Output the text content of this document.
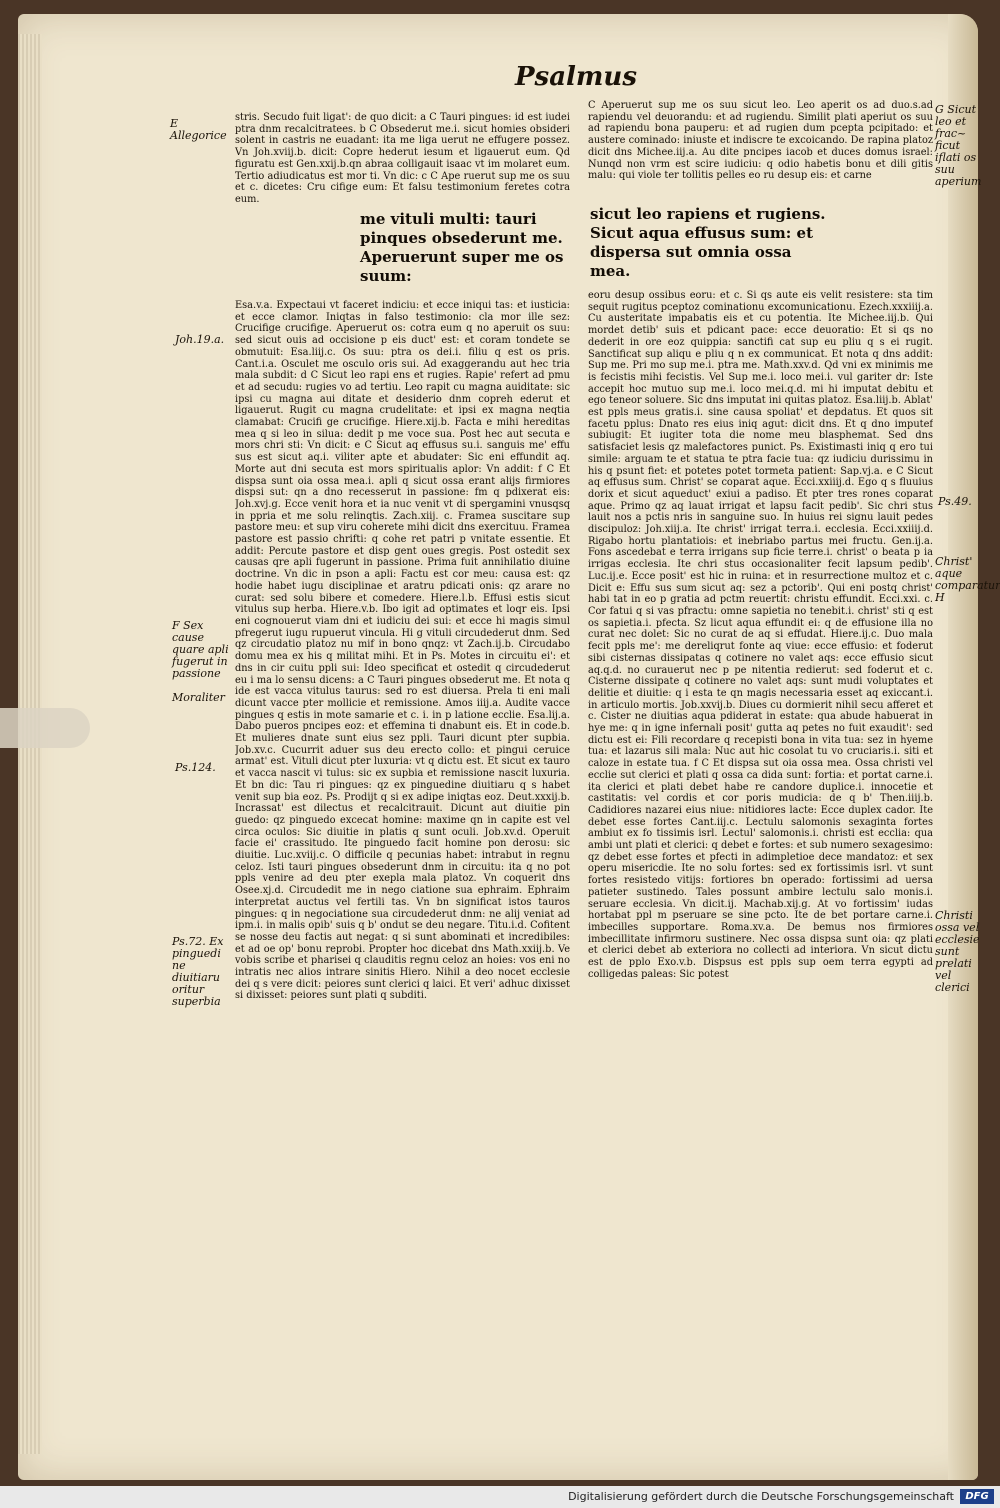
Psalmus
E Allegorice
G Sicut leo et frac~ ficut iflati os suu aperium
Joh.19.a.
Ps.49.
Christ' aque comparatur H
F Sex cause quare apli fugerut in passione
Moraliter
Ps.124.
Ps.72. Ex pinguedi ne diuitiaru oritur superbia
Christi ossa vel ecclesie sunt prelati vel clerici

stris. Secudo fuit ligat': de quo dicit: a C Tauri pingues: id est iudei ptra dnm recalcitratees. b C Obsederut me.i. sicut homies obsideri solent in castris ne euadant: ita me liga uerut ne effugere possez. Vn Joh.xviij.b. dicit: Copre hederut iesum et ligauerut eum. Qd figuratu est Gen.xxij.b.qn abraa colligauit isaac vt im molaret eum. Tertio adiudicatus est mor ti. Vn dic: c C Ape ruerut sup me os suu et c. dicetes: Cru cifige eum: Et falsu testimonium feretes cotra eum.

C Aperuerut sup me os suu sicut leo. Leo aperit os ad duo.s.ad rapiendu vel deuorandu: et ad rugiendu. Similit plati aperiut os suu ad rapiendu bona pauperu: et ad rugien dum pcepta pcipitado: et austere cominado: iniuste et indiscre te excoicando. De rapina platoz dicit dns Michee.iij.a. Au dite pncipes iacob et duces domus israel: Nunqd non vrm est scire iudiciu: q odio habetis bonu et dili gitis malu: qui viole ter tollitis pelles eo ru desup eis: et carne

me vituli multi: tauri pinques obsederunt me. Aperuerunt super me os suum:
sicut leo rapiens et rugiens. Sicut aqua effusus sum: et dispersa sut omnia ossa mea.

Esa.v.a. Expectaui vt faceret indiciu: et ecce iniqui tas: et iusticia: et ecce clamor. Iniqtas in falso testimonio: cla mor ille sez: Crucifige crucifige. Aperuerut os: cotra eum q no aperuit os suu: sed sicut ouis ad occisione p eis duct' est: et coram tondete se obmutuit: Esa.liij.c. Os suu: ptra os dei.i. filiu q est os pris. Cant.i.a. Osculet me osculo oris sui. Ad exaggerandu aut hec tria mala subdit: d C Sicut leo rapi ens et rugies. Rapie' refert ad pmu et ad secudu: rugies vo ad tertiu. Leo rapit cu magna auiditate: sic ipsi cu magna aui ditate et desiderio dnm copreh ederut et ligauerut. Rugit cu magna crudelitate: et ipsi ex magna neqtia clamabat: Crucifi ge crucifige. Hiere.xij.b. Facta e mihi hereditas mea q si leo in silua: dedit p me voce sua. Post hec aut secuta e mors chri sti: Vn dicit: e C Sicut aq effusus su.i. sanguis me' effu sus est sicut aq.i. viliter apte et abudater: Sic eni effundit aq. Morte aut dni secuta est mors spiritualis aplor: Vn addit: f C Et dispsa sunt oia ossa mea.i. apli q sicut ossa erant alijs firmiores dispsi sut: qn a dno recesserut in passione: fm q pdixerat eis: Joh.xvj.g. Ecce venit hora et ia nuc venit vt di spergamini vnusqsq in ppria et me solu relinqtis. Zach.xiij. c. Framea suscitare sup pastore meu: et sup viru coherete mihi dicit dns exercituu. Framea pastore est passio chrifti: q cohe ret patri p vnitate essentie. Et addit: Percute pastore et disp gent oues gregis. Post ostedit sex causas qre apli fugerunt in passione. Prima fuit annihilatio diuine doctrine. Vn dic in pson a apli: Factu est cor meu: causa est: qz hodie habet iugu disciplinae et aratru pdicati onis: qz arare no curat: sed solu bibere et comedere. Hiere.l.b. Effusi estis sicut vitulus sup herba. Hiere.v.b. Ibo igit ad optimates et loqr eis. Ipsi eni cognouerut viam dni et iudiciu dei sui: et ecce hi magis simul pfregerut iugu rupuerut vincula. Hi g vituli circudederut dnm. Sed qz circudatio platoz nu mif in bono qnqz: vt Zach.ij.b. Circudabo domu mea ex his q militat mihi. Et in Ps. Motes in circuitu ei': et dns in cir cuitu ppli sui: Ideo specificat et ostedit q circudederut eu i ma lo sensu dicens: a C Tauri pingues obsederut me. Et nota q ide est vacca vitulus taurus: sed ro est diuersa. Prela ti eni mali dicunt vacce pter mollicie et remissione. Amos iiij.a. Audite vacce pingues q estis in mote samarie et c. i. in p latione ecclie. Esa.lij.a. Dabo pueros pncipes eoz: et effemina ti dnabunt eis. Et in code.b. Et mulieres dnate sunt eius sez ppli. Tauri dicunt pter supbia. Job.xv.c. Cucurrit aduer sus deu erecto collo: et pingui ceruice armat' est. Vituli dicut pter luxuria: vt q dictu est. Et sicut ex tauro et vacca nascit vi tulus: sic ex supbia et remissione nascit luxuria. Et bn dic: Tau ri pingues: qz ex pinguedine diuitiaru q s habet venit sup bia eoz. Ps. Prodijt q si ex adipe iniqtas eoz. Deut.xxxij.b. Incrassat' est dilectus et recalcitrauit. Dicunt aut diuitie pin guedo: qz pinguedo excecat homine: maxime qn in capite est vel circa oculos: Sic diuitie in platis q sunt oculi. Job.xv.d. Operuit facie ei' crassitudo. Ite pinguedo facit homine pon derosu: sic diuitie. Luc.xviij.c. O difficile q pecunias habet: intrabut in regnu celoz. Isti tauri pingues obsederunt dnm in circuitu: ita q no pot ppls venire ad deu pter exepla mala platoz. Vn coquerit dns Osee.xj.d. Circudedit me in nego ciatione sua ephraim. Ephraim interpretat auctus vel fertili tas. Vn bn significat istos tauros pingues: q in negociatione sua circudederut dnm: ne alij veniat ad ipm.i. in malis opib' suis q b' ondut se deu negare. Titu.i.d. Cofitent se nosse deu factis aut negat: q si sunt abominati et incredibiles: et ad oe op' bonu reprobi. Propter hoc dicebat dns Math.xxiij.b. Ve vobis scribe et pharisei q clauditis regnu celoz an hoies: vos eni no intratis nec alios intrare sinitis Hiero. Nihil a deo nocet ecclesie dei q s vere dicit: peiores sunt clerici q laici. Et veri' adhuc dixisset si dixisset: peiores sunt plati q subditi.

eoru desup ossibus eoru: et c. Si qs aute eis velit resistere: sta tim sequit rugitus pceptoz cominationu excomunicationu. Ezech.xxxiiij.a. Cu austeritate impabatis eis et cu potentia. Ite Michee.iij.b. Qui mordet detib' suis et pdicant pace: ecce deuoratio: Et si qs no dederit in ore eoz quippia: sanctifi cat sup eu pliu q s ei rugit. Sanctificat sup aliqu e pliu q n ex communicat. Et nota q dns addit: Sup me. Pri mo sup me.i. ptra me. Math.xxv.d. Qd vni ex minimis me is fecistis mihi fecistis. Vel Sup me.i. loco mei.i. vul gariter dr: Iste accepit hoc mutuo sup me.i. loco mei.q.d. mi hi imputat debitu et ego teneor soluere. Sic dns imputat ini quitas platoz. Esa.liij.b. Ablat' est ppls meus gratis.i. sine causa spoliat' et depdatus. Et quos sit facetu pplus: Dnato res eius iniq agut: dicit dns. Et q dno imputef subiugit: Et iugiter tota die nome meu blasphemat. Sed dns satisfaciet lesis qz malefactores punict. Ps. Existimasti iniq q ero tui simile: arguam te et statua te ptra facie tua: qz iudiciu durissimu in his q psunt fiet: et potetes potet tormeta patient: Sap.vj.a. e C Sicut aq effusus sum. Christ' se coparat aque. Ecci.xxiiij.d. Ego q s fluuius dorix et sicut aqueduct' exiui a padiso. Et pter tres rones coparat aque. Primo qz aq lauat irrigat et lapsu facit pedib'. Sic chri stus lauit nos a pctis nris in sanguine suo. In huius rei signu lauit pedes discipuloz: Joh.xiij.a. Ite christ' irrigat terra.i. ecclesia. Ecci.xxiiij.d. Rigabo hortu plantatiois: et inebriabo partus mei fructu. Gen.ij.a. Fons ascedebat e terra irrigans sup ficie terre.i. christ' o beata p ia irrigas ecclesia. Ite chri stus occasionaliter fecit lapsum pedib'. Luc.ij.e. Ecce posit' est hic in ruina: et in resurrectione multoz et c. Dicit e: Effu sus sum sicut aq: sez a pctorib'. Qui eni postq christ' habi tat in eo p gratia ad pctm reuertit: christu effundit. Ecci.xxi. c. Cor fatui q si vas pfractu: omne sapietia no tenebit.i. christ' sti q est os sapietia.i. pfecta. Sz licut aqua effundit ei: q de effusione illa no curat nec dolet: Sic no curat de aq si effudat. Hiere.ij.c. Duo mala fecit ppls me': me dereliqrut fonte aq viue: ecce effusio: et foderut sibi cisternas dissipatas q cotinere no valet aqs: ecce effusio sicut aq.q.d. no curauerut nec p pe nitentia redierut: sed foderut et c. Cisterne dissipate q cotinere no valet aqs: sunt mudi voluptates et delitie et diuitie: q i esta te qn magis necessaria esset aq exiccant.i. in articulo mortis. Job.xxvij.b. Diues cu dormierit nihil secu afferet et c. Cister ne diuitias aqua pdiderat in estate: qua abude habuerat in hye me: q in igne infernali posit' gutta aq petes no fuit exaudit': sed dictu est ei: Fili recordare q recepisti bona in vita tua: sez in hyeme tua: et lazarus sili mala: Nuc aut hic cosolat tu vo cruciaris.i. siti et caloze in estate tua. f C Et dispsa sut oia ossa mea. Ossa christi vel ecclie sut clerici et plati q ossa ca dida sunt: fortia: et portat carne.i. ita clerici et plati debet habe re candore duplice.i. innocetie et castitatis: vel cordis et cor poris mudicia: de q b' Then.iiij.b. Cadidiores nazarei eius niue: nitidiores lacte: Ecce duplex cador. Ite debet esse fortes Cant.iij.c. Lectulu salomonis sexaginta fortes ambiut ex fo tissimis isrl. Lectul' salomonis.i. christi est ecclia: qua ambi unt plati et clerici: q debet e fortes: et sub numero sexagesimo: qz debet esse fortes et pfecti in adimpletioe dece mandatoz: et sex operu misericdie. Ite no solu fortes: sed ex fortissimis isrl. vt sunt fortes resistedo vitijs: fortiores bn operado: fortissimi ad uersa patieter sustinedo. Tales possunt ambire lectulu salo monis.i. seruare ecclesia. Vn dicit.ij. Machab.xij.g. At vo fortissim' iudas hortabat ppl m pseruare se sine pcto. Ite de bet portare carne.i. imbecilles supportare. Roma.xv.a. De bemus nos firmiores imbecillitate infirmoru sustinere. Nec ossa dispsa sunt oia: qz plati et clerici debet ab exteriora no collecti ad interiora. Vn sicut dictu est de pplo Exo.v.b. Dispsus est ppls sup oem terra egypti ad colligedas paleas: Sic potest

Digitalisierung gefördert durch die Deutsche Forschungsgemeinschaft	DFG
